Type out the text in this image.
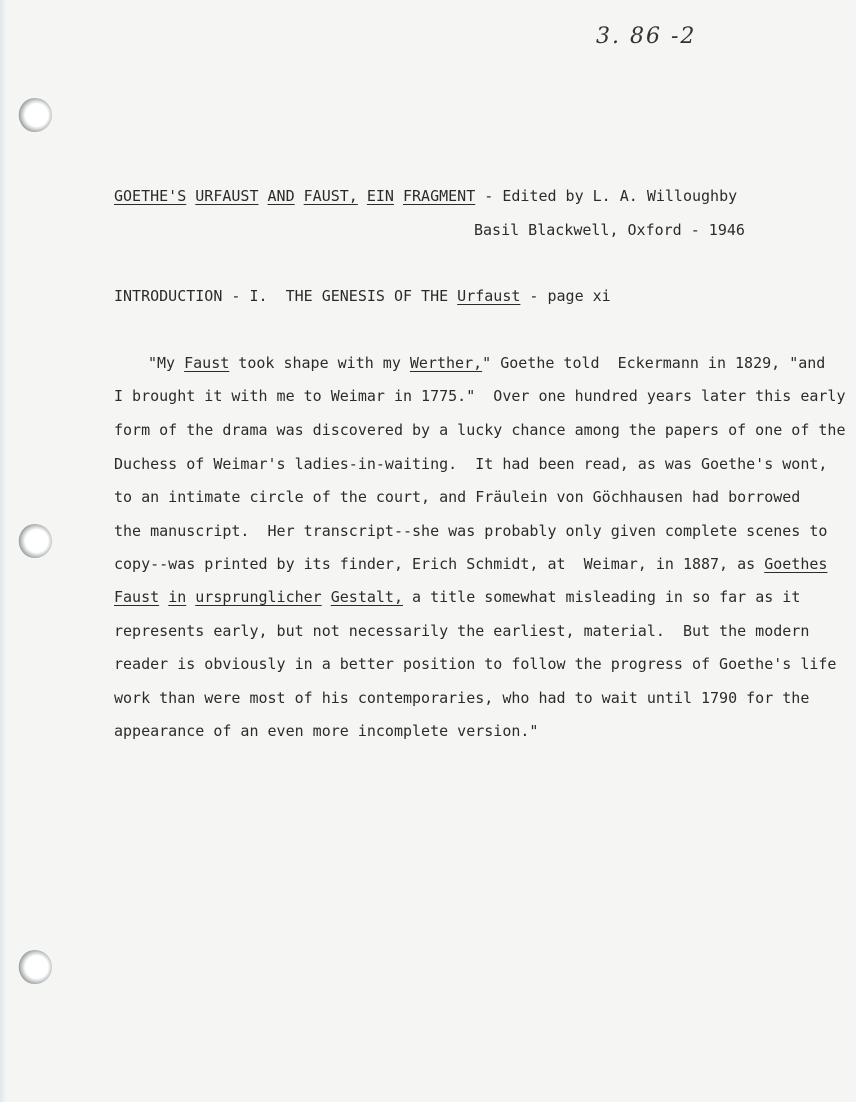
3. 86 -2
GOETHE'S URFAUST AND FAUST, EIN FRAGMENT - Edited by L. A. Willoughby
Basil Blackwell, Oxford - 1946
INTRODUCTION - I.  THE GENESIS OF THE Urfaust - page xi
"My Faust took shape with my Werther," Goethe told  Eckermann in 1829, "and
I brought it with me to Weimar in 1775."  Over one hundred years later this early
form of the drama was discovered by a lucky chance among the papers of one of the
Duchess of Weimar's ladies-in-waiting.  It had been read, as was Goethe's wont,
to an intimate circle of the court, and Fräulein von Göchhausen had borrowed
the manuscript.  Her transcript--she was probably only given complete scenes to
copy--was printed by its finder, Erich Schmidt, at  Weimar, in 1887, as Goethes
Faust in ursprunglicher Gestalt, a title somewhat misleading in so far as it
represents early, but not necessarily the earliest, material.  But the modern
reader is obviously in a better position to follow the progress of Goethe's life
work than were most of his contemporaries, who had to wait until 1790 for the
appearance of an even more incomplete version."
